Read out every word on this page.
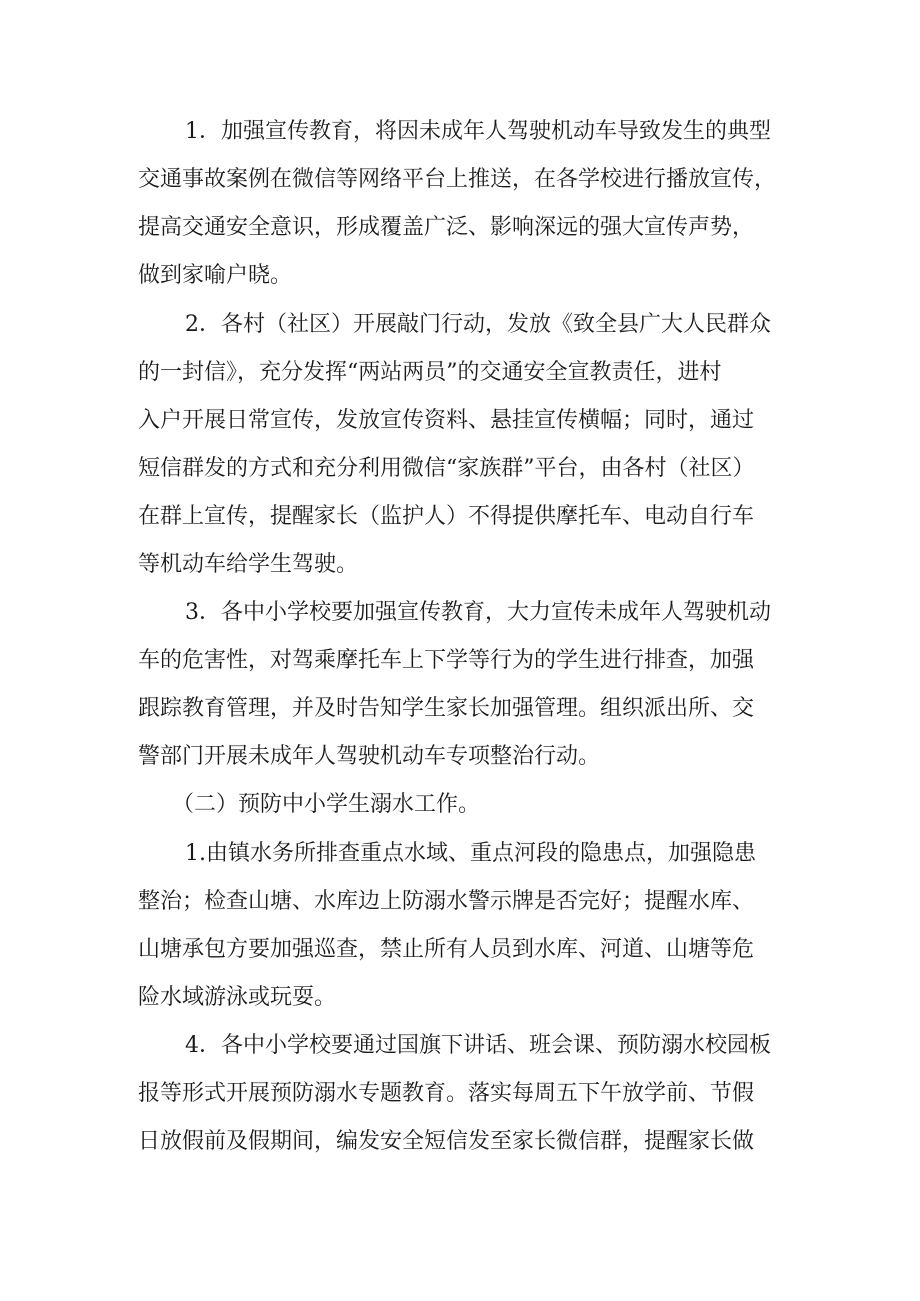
1．加强宣传教育，将因未成年人驾驶机动车导致发生的典型
交通事故案例在微信等网络平台上推送，在各学校进行播放宣传，
提高交通安全意识，形成覆盖广泛、影响深远的强大宣传声势，
做到家喻户晓。
2．各村（社区）开展敲门行动，发放《致全县广大人民群众
的一封信》，充分发挥“两站两员”的交通安全宣教责任，进村
入户开展日常宣传，发放宣传资料、悬挂宣传横幅；同时，通过
短信群发的方式和充分利用微信“家族群”平台，由各村（社区）
在群上宣传，提醒家长（监护人）不得提供摩托车、电动自行车
等机动车给学生驾驶。
3．各中小学校要加强宣传教育，大力宣传未成年人驾驶机动
车的危害性，对驾乘摩托车上下学等行为的学生进行排查，加强
跟踪教育管理，并及时告知学生家长加强管理。组织派出所、交
警部门开展未成年人驾驶机动车专项整治行动。
（二）预防中小学生溺水工作。
1.由镇水务所排查重点水域、重点河段的隐患点，加强隐患
整治；检查山塘、水库边上防溺水警示牌是否完好；提醒水库、
山塘承包方要加强巡查，禁止所有人员到水库、河道、山塘等危
险水域游泳或玩耍。
4．各中小学校要通过国旗下讲话、班会课、预防溺水校园板
报等形式开展预防溺水专题教育。落实每周五下午放学前、节假
日放假前及假期间，编发安全短信发至家长微信群，提醒家长做
